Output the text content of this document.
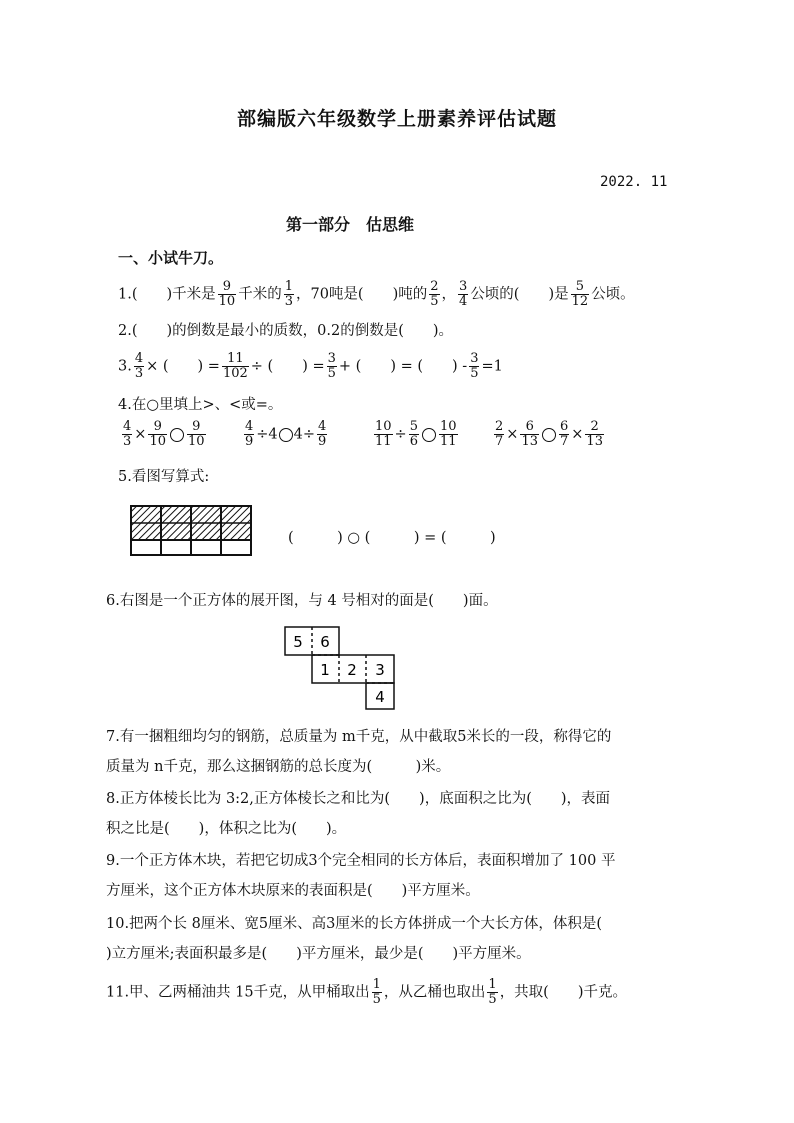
部编版六年级数学上册素养评估试题
2022. 11
第一部分　估思维
一、小试牛刀。
1.(　　)千米是 $\frac{9}{10}$ 千米的 $\frac{1}{3}$ ，70吨是(　　)吨的 $\frac{2}{5}$ ， $\frac{3}{4}$ 公顷的(　　)是 $\frac{5}{12}$ 公顷。
2.(　　)的倒数是最小的质数，0.2的倒数是(　　)。
3. $\frac{4}{3}$ × (　　) = $\frac{11}{102}$ ÷ (　　) = $\frac{3}{5}$ + (　　) = (　　) - $\frac{3}{5} =1$
4.在○里填上>、<或=。
$\frac{4}{3} \times \frac{9}{10} \frac{9}{10}$	$\frac{4}{9} \div 4$ $4\div \frac{4}{9}$	$\frac{10}{11} \div \frac{5}{6} \frac{10}{11}$	$\frac{2}{7} \times \frac{6}{13} \frac{6}{7} \times \frac{2}{13}$
5.看图写算式:
(　　　) ○ (　　　) = (　　　)
6.右图是一个正方体的展开图，与 4 号相对的面是(　　)面。
5 6
1 2 3
4
7.有一捆粗细均匀的钢筋，总质量为 m千克，从中截取5米长的一段，称得它的
质量为 n千克，那么这捆钢筋的总长度为(　　　)米。
8.正方体棱长比为 3:2,正方体棱长之和比为(　　)，底面积之比为(　　)，表面
积之比是(　　)，体积之比为(　　)。
9.一个正方体木块，若把它切成3个完全相同的长方体后，表面积增加了 100 平
方厘米，这个正方体木块原来的表面积是(　　)平方厘米。
10.把两个长 8厘米、宽5厘米、高3厘米的长方体拼成一个大长方体，体积是(
)立方厘米;表面积最多是(　　)平方厘米，最少是(　　)平方厘米。
11.甲、乙两桶油共 15千克，从甲桶取出 $\frac{1}{5}$ ，从乙桶也取出 $\frac{1}{5}$ ，共取(　　)千克。
